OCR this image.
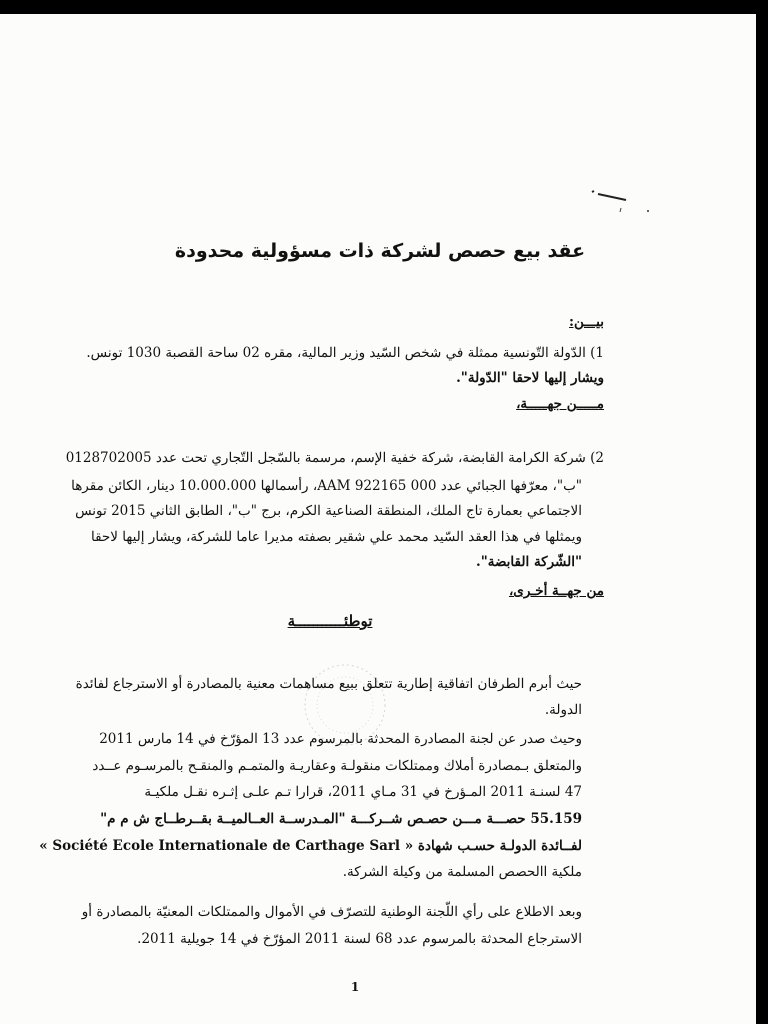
عقد بيع حصص لشركة ذات مسؤولية محدودة
بيـــن:
1) الدّولة التّونسية ممثلة في شخص السّيد وزير المالية، مقره 02 ساحة القصبة 1030 تونس.
ويشار إليها لاحقا "الدّولة".
مـــــن جهـــــة،
2) شركة الكرامة القابضة، شركة خفية الإسم، مرسمة بالسّجل التّجاري تحت عدد 0128702005
"ب"، معرّفها الجبائي عدد 000 922165 AAM، رأسمالها 10.000.000 دينار، الكائن مقرها
الاجتماعي بعمارة تاج الملك، المنطقة الصناعية الكرم، برج "ب"، الطابق الثاني 2015 تونس
ويمثلها في هذا العقد السّيد محمد علي شقير بصفته مديرا عاما للشركة، ويشار إليها لاحقا
"الشّركة القابضة".
من جهــة أخـرى،
توطئـــــــــــة
حيث أبرم الطرفان اتفاقية إطارية تتعلق ببيع مساهمات معنية بالمصادرة أو الاسترجاع لفائدة
الدولة.
وحيث صدر عن لجنة المصادرة المحدثة بالمرسوم عدد 13 المؤرّخ في 14 مارس 2011
والمتعلق بـمصادرة أملاك وممتلكات منقولـة وعقاريـة والمتمـم والمنقـح بالمرسـوم عــدد
47 لسنـة 2011 المـؤرخ في 31 مـاي 2011، قرارا تـم علـى إثـره نقـل ملكيـة
55.159 حصـــة مـــن حصـص شــركـــة "المـدرســة العــالميــة بقــرطــاج ش م م"
« Société Ecole Internationale de Carthage Sarl » لفــائدة الدولـة حسـب شهادة
ملكية االحصص المسلمة من وكيلة الشركة.
وبعد الاطلاع على رأي اللّجنة الوطنية للتصرّف في الأموال والممتلكات المعنيّة بالمصادرة أو
الاسترجاع المحدثة بالمرسوم عدد 68 لسنة 2011 المؤرّخ في 14 جويلية 2011.
1
